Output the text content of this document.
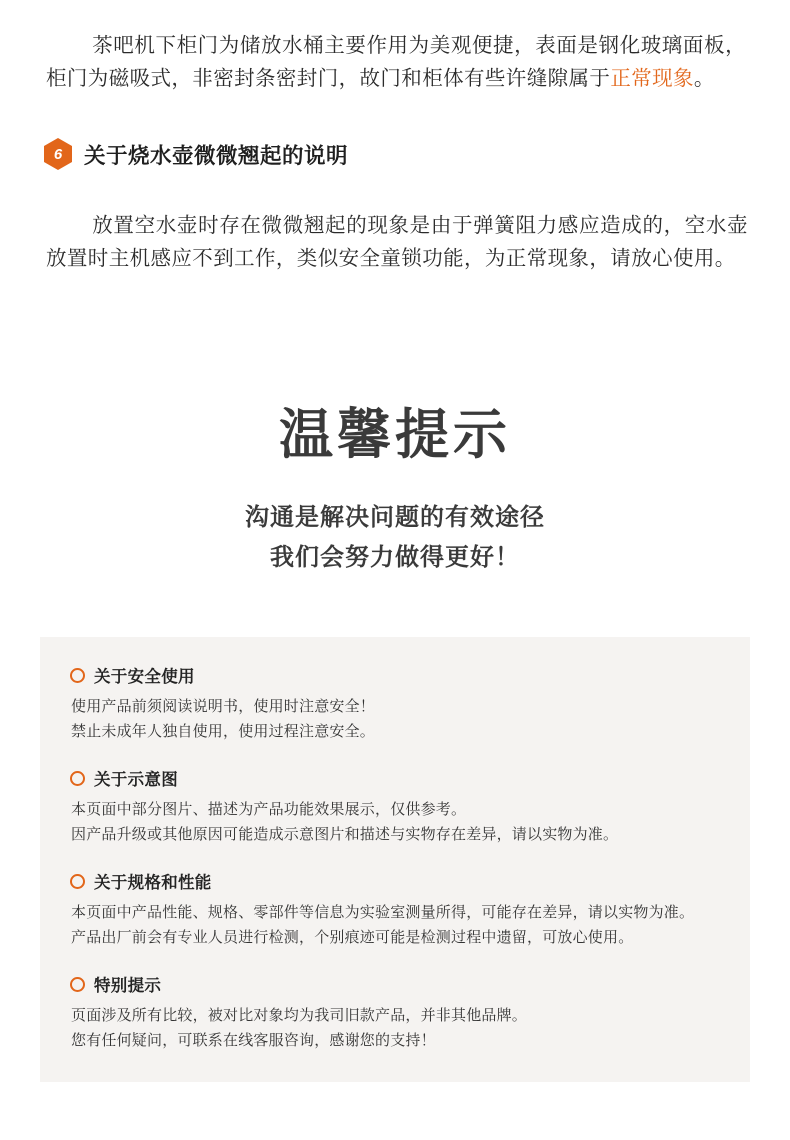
茶吧机下柜门为储放水桶主要作用为美观便捷，表面是钢化玻璃面板，柜门为磁吸式，非密封条密封门，故门和柜体有些许缝隙属于正常现象。

6	关于烧水壶微微翘起的说明

放置空水壶时存在微微翘起的现象是由于弹簧阻力感应造成的，空水壶放置时主机感应不到工作，类似安全童锁功能，为正常现象，请放心使用。

温馨提示
沟通是解决问题的有效途径
我们会努力做得更好！
关于安全使用
使用产品前须阅读说明书，使用时注意安全！
禁止未成年人独自使用，使用过程注意安全。
关于示意图
本页面中部分图片、描述为产品功能效果展示，仅供参考。
因产品升级或其他原因可能造成示意图片和描述与实物存在差异，请以实物为准。
关于规格和性能
本页面中产品性能、规格、零部件等信息为实验室测量所得，可能存在差异，请以实物为准。
产品出厂前会有专业人员进行检测，个别痕迹可能是检测过程中遗留，可放心使用。
特别提示
页面涉及所有比较，被对比对象均为我司旧款产品，并非其他品牌。
您有任何疑问，可联系在线客服咨询，感谢您的支持！
